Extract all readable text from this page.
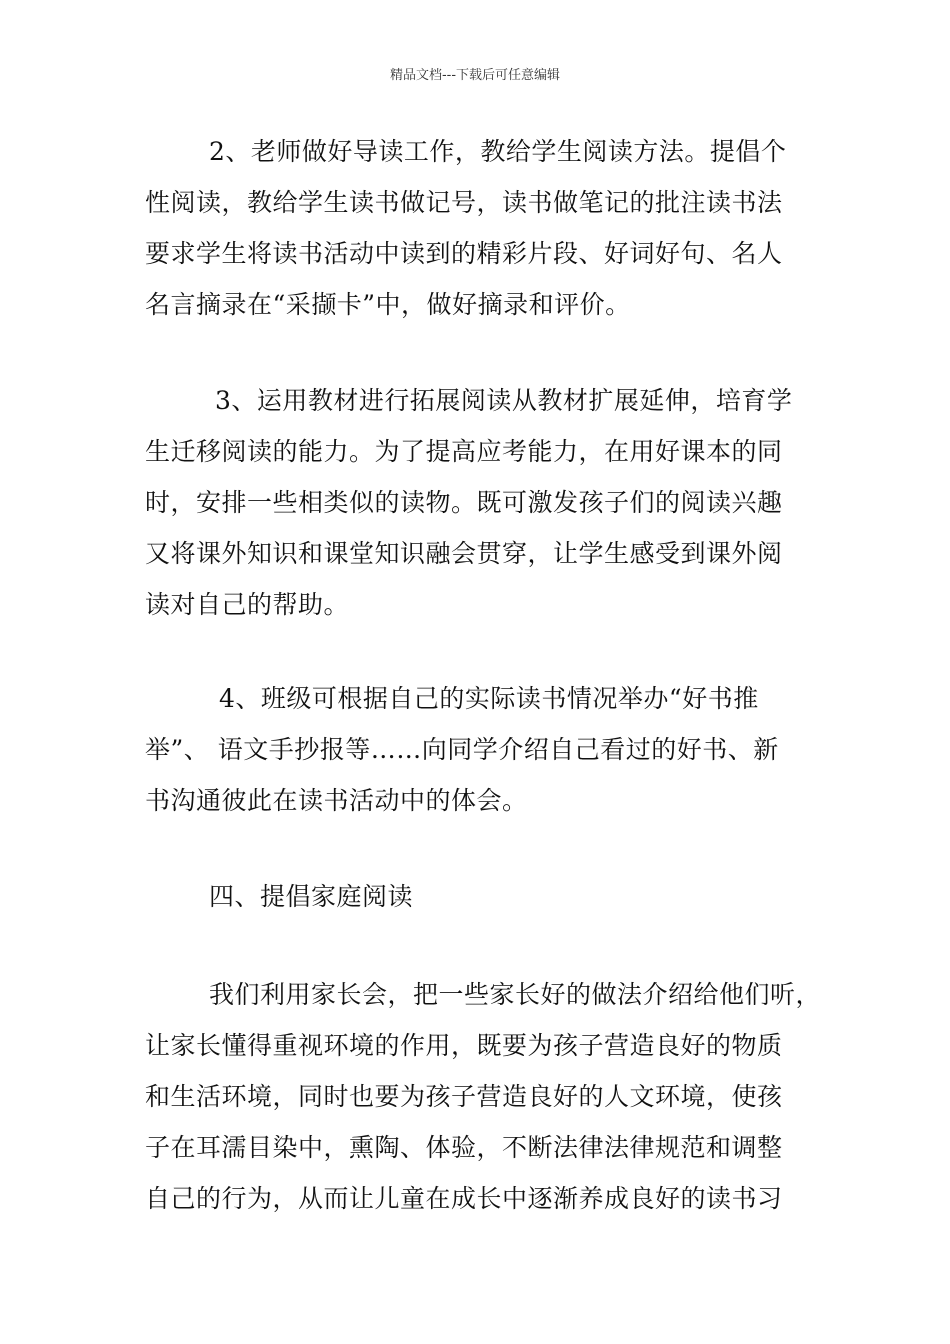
精品文档---下载后可任意编辑
2、老师做好导读工作，教给学生阅读方法。提倡个
性阅读，教给学生读书做记号，读书做笔记的批注读书法
要求学生将读书活动中读到的精彩片段、好词好句、名人
名言摘录在“采撷卡”中，做好摘录和评价。
3、运用教材进行拓展阅读从教材扩展延伸，培育学
生迁移阅读的能力。为了提高应考能力，在用好课本的同
时，安排一些相类似的读物。既可激发孩子们的阅读兴趣
又将课外知识和课堂知识融会贯穿，让学生感受到课外阅
读对自己的帮助。
4、班级可根据自己的实际读书情况举办“好书推
举”、 语文手抄报等……向同学介绍自己看过的好书、新
书沟通彼此在读书活动中的体会。
四、提倡家庭阅读
我们利用家长会，把一些家长好的做法介绍给他们听，
让家长懂得重视环境的作用，既要为孩子营造良好的物质
和生活环境，同时也要为孩子营造良好的人文环境，使孩
子在耳濡目染中，熏陶、体验，不断法律法律规范和调整
自己的行为，从而让儿童在成长中逐渐养成良好的读书习
